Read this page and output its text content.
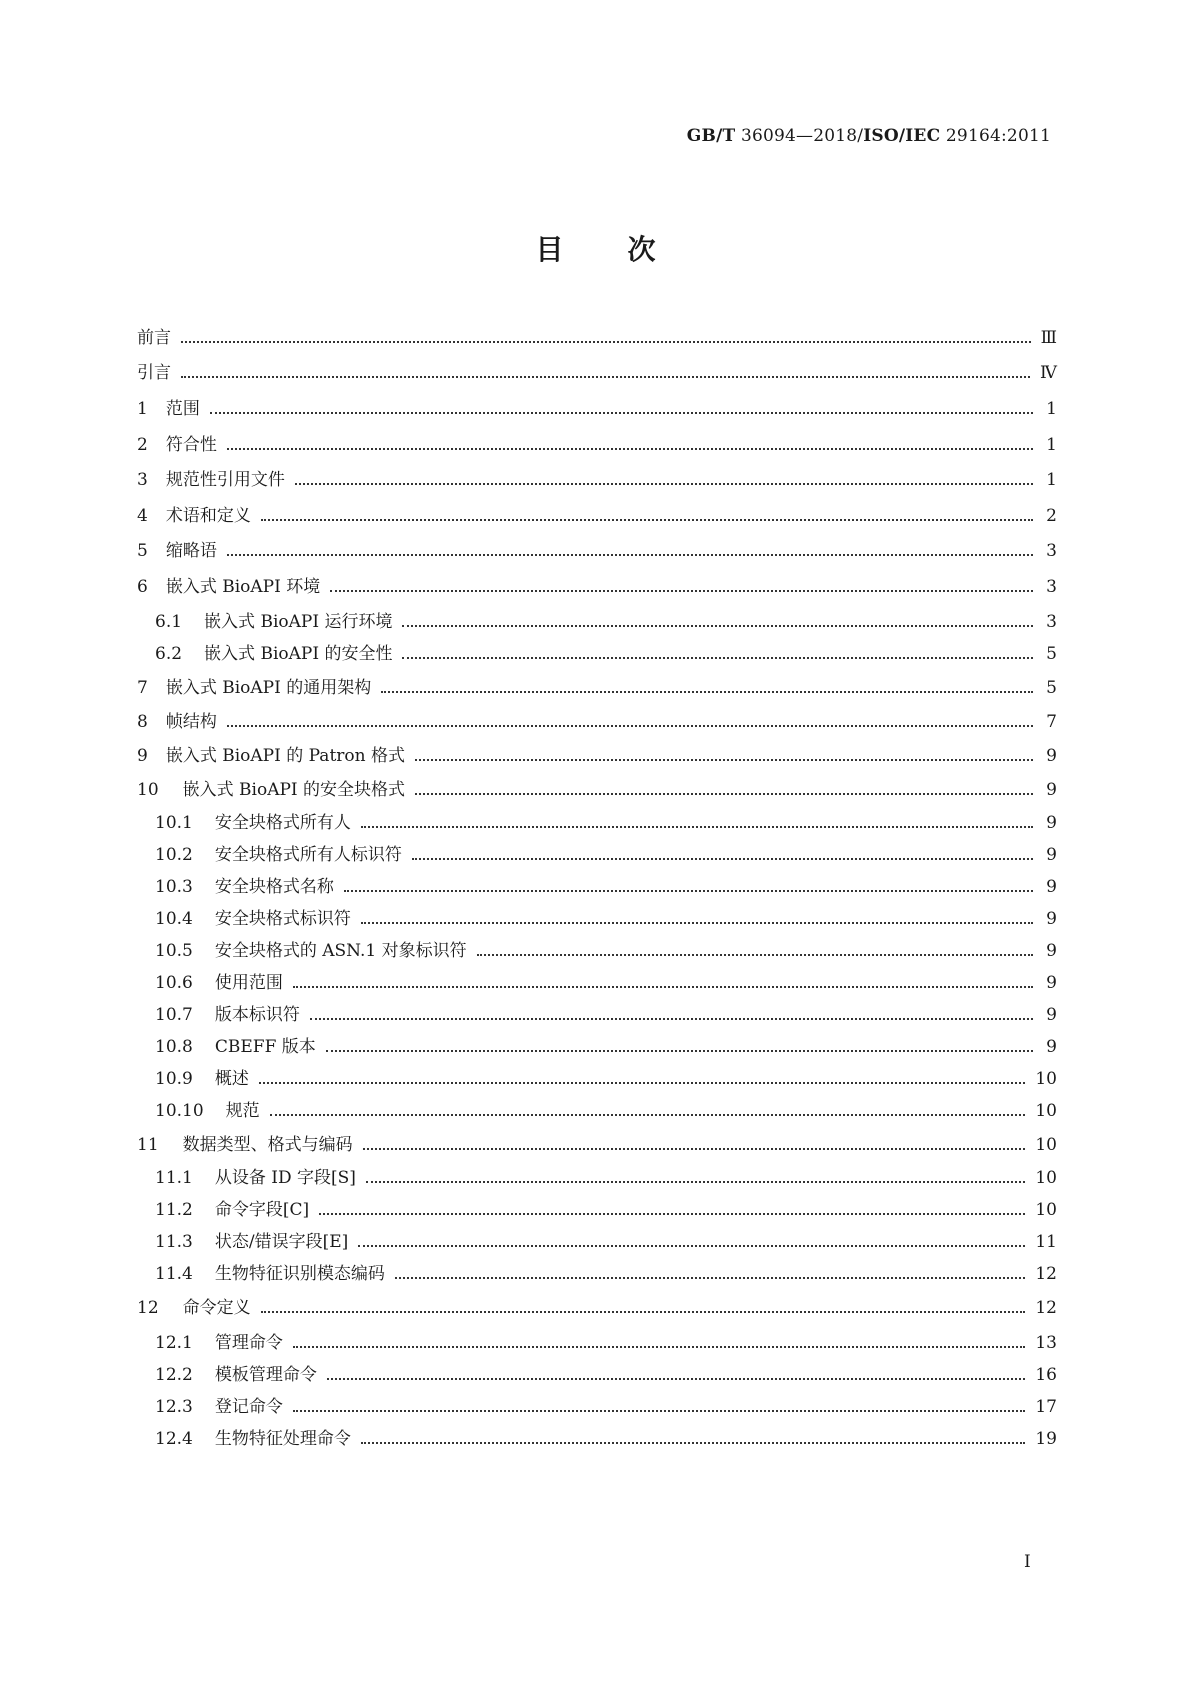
GB/T 36094—2018/ISO/IEC 29164:2011
目次
前言	Ⅲ
引言	Ⅳ
1 范围	1
2 符合性	1
3 规范性引用文件	1
4 术语和定义	2
5 缩略语	3
6 嵌入式 BioAPI 环境	3
6.1 嵌入式 BioAPI 运行环境	3
6.2 嵌入式 BioAPI 的安全性	5
7 嵌入式 BioAPI 的通用架构	5
8 帧结构	7
9 嵌入式 BioAPI 的 Patron 格式	9
10 嵌入式 BioAPI 的安全块格式	9
10.1 安全块格式所有人	9
10.2 安全块格式所有人标识符	9
10.3 安全块格式名称	9
10.4 安全块格式标识符	9
10.5 安全块格式的 ASN.1 对象标识符	9
10.6 使用范围	9
10.7 版本标识符	9
10.8 CBEFF 版本	9
10.9 概述	10
10.10 规范	10
11 数据类型、格式与编码	10
11.1 从设备 ID 字段[S]	10
11.2 命令字段[C]	10
11.3 状态/错误字段[E]	11
11.4 生物特征识别模态编码	12
12 命令定义	12
12.1 管理命令	13
12.2 模板管理命令	16
12.3 登记命令	17
12.4 生物特征处理命令	19
I
